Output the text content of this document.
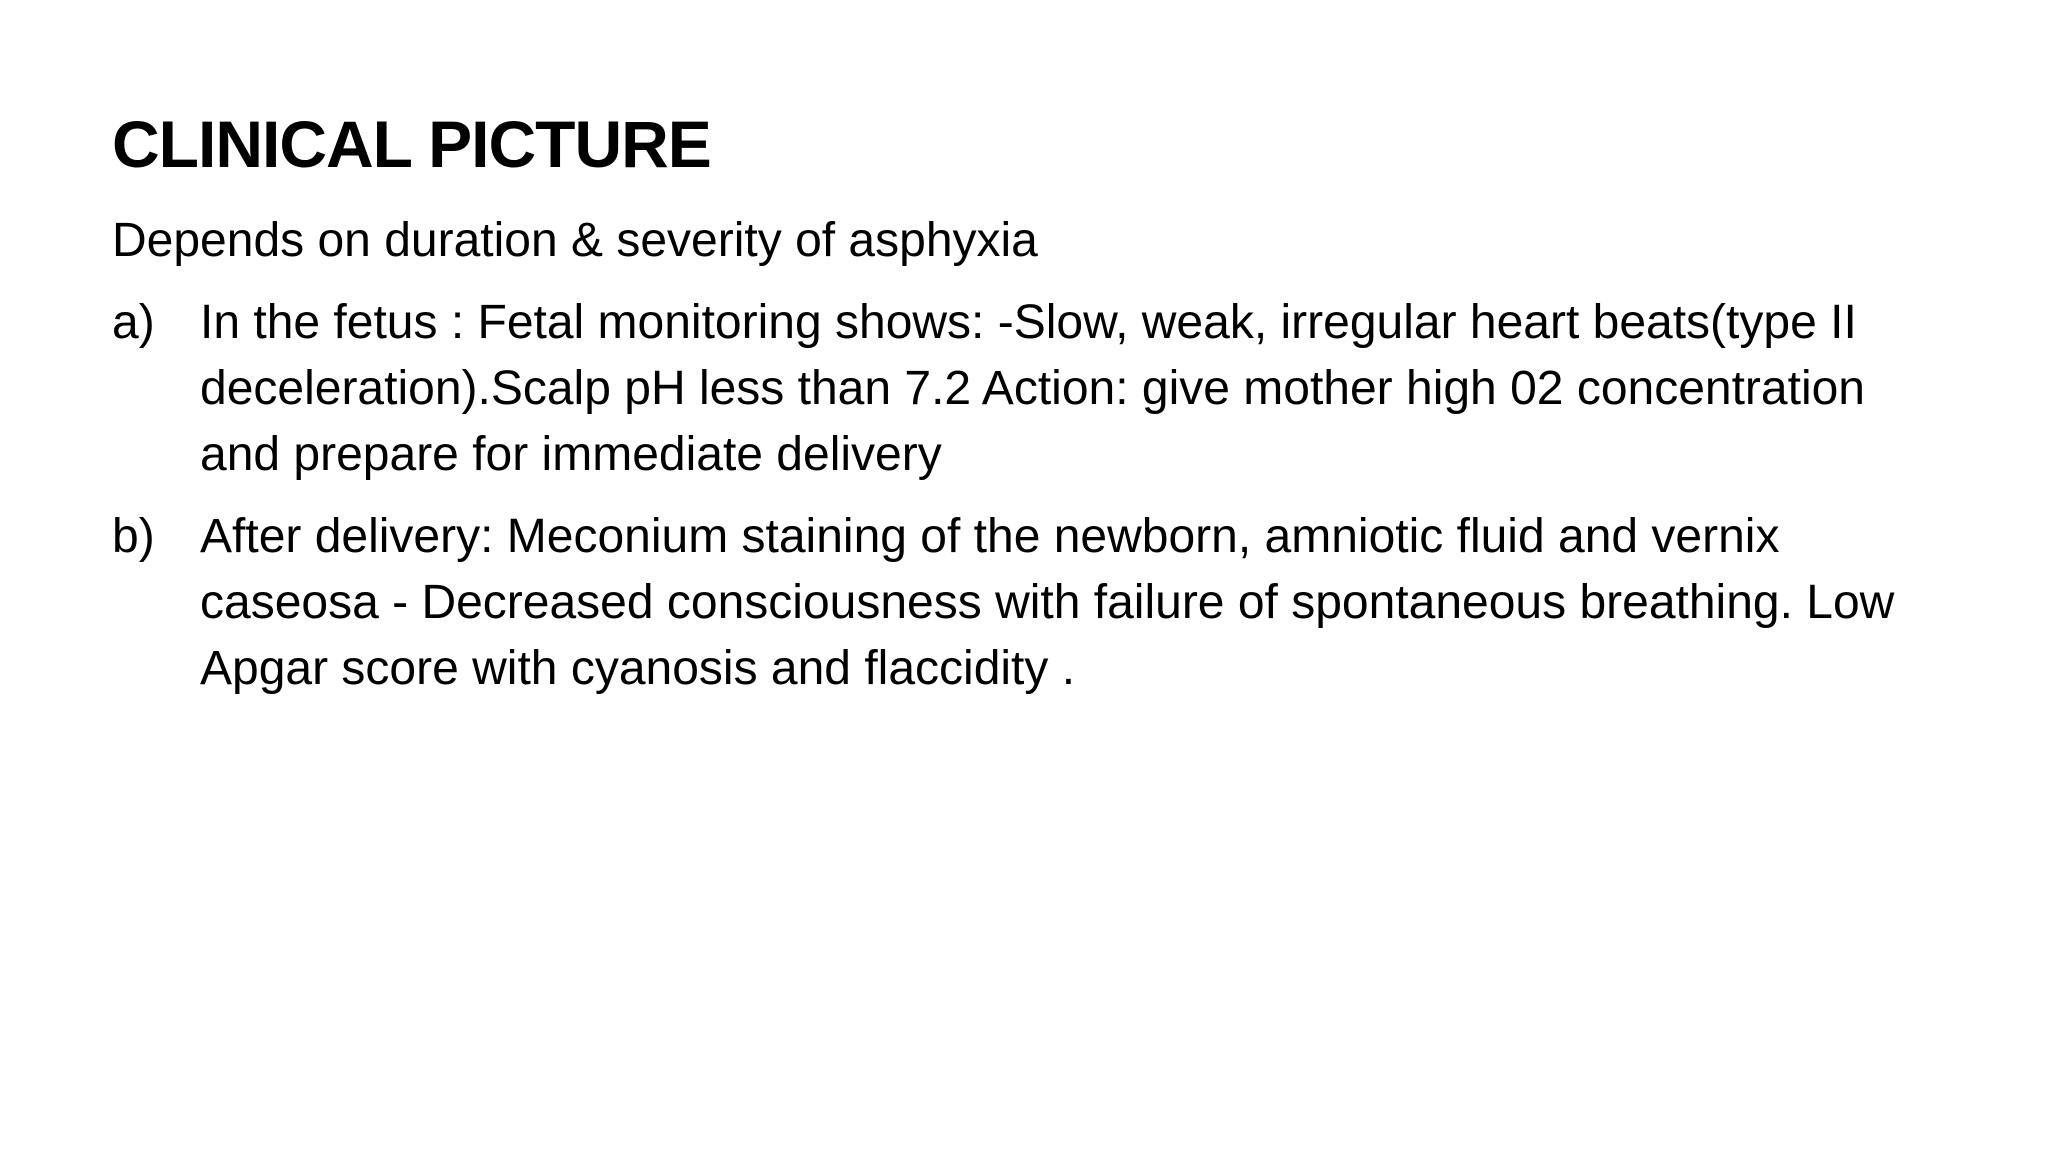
CLINICAL PICTURE
Depends on duration & severity of asphyxia
a) In the fetus : Fetal monitoring shows: -Slow, weak, irregular heart beats(type II deceleration).Scalp pH less than 7.2 Action: give mother high 02 concentration and prepare for immediate delivery
b) After delivery: Meconium staining of the newborn, amniotic fluid and vernix caseosa - Decreased consciousness with failure of spontaneous breathing. Low Apgar score with cyanosis and flaccidity .
